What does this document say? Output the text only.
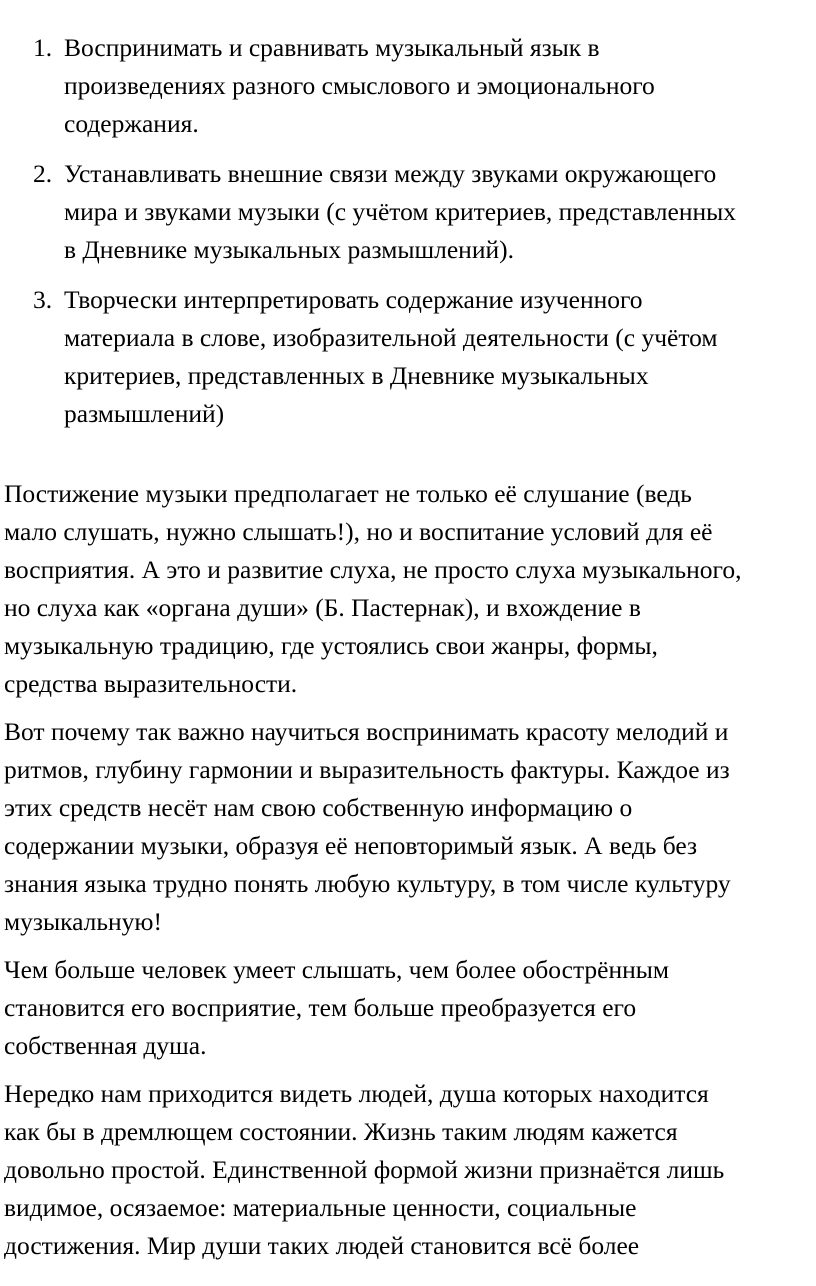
1. 1. Воспринимать и сравнивать музыкальный язык в
произведениях разного смыслового и эмоционального
содержания.
2. 2. Устанавливать внешние связи между звуками окружающего
мира и звуками музыки (с учётом критериев, представленных
в Дневнике музыкальных размышлений).
3. 3. Творчески интерпретировать содержание изученного
материала в слове, изобразительной деятельности (с учётом
критериев, представленных в Дневнике музыкальных
размышлений)

Постижение музыки предполагает не только её слушание (ведь
мало слушать, нужно слышать!), но и воспитание условий для её
восприятия. А это и развитие слуха, не просто слуха музыкального,
но слуха как «органа души» (Б. Пастернак), и вхождение в
музыкальную традицию, где устоялись свои жанры, формы,
средства выразительности.

Вот почему так важно научиться воспринимать красоту мелодий и
ритмов, глубину гармонии и выразительность фактуры. Каждое из
этих средств несёт нам свою собственную информацию о
содержании музыки, образуя её неповторимый язык. А ведь без
знания языка трудно понять любую культуру, в том числе культуру
музыкальную!

Чем больше человек умеет слышать, чем более обострённым
становится его восприятие, тем больше преобразуется его
собственная душа.

Нередко нам приходится видеть людей, душа которых находится
как бы в дремлющем состоянии. Жизнь таким людям кажется
довольно простой. Единственной формой жизни признаётся лишь
видимое, осязаемое: материальные ценности, социальные
достижения. Мир души таких людей становится всё более
